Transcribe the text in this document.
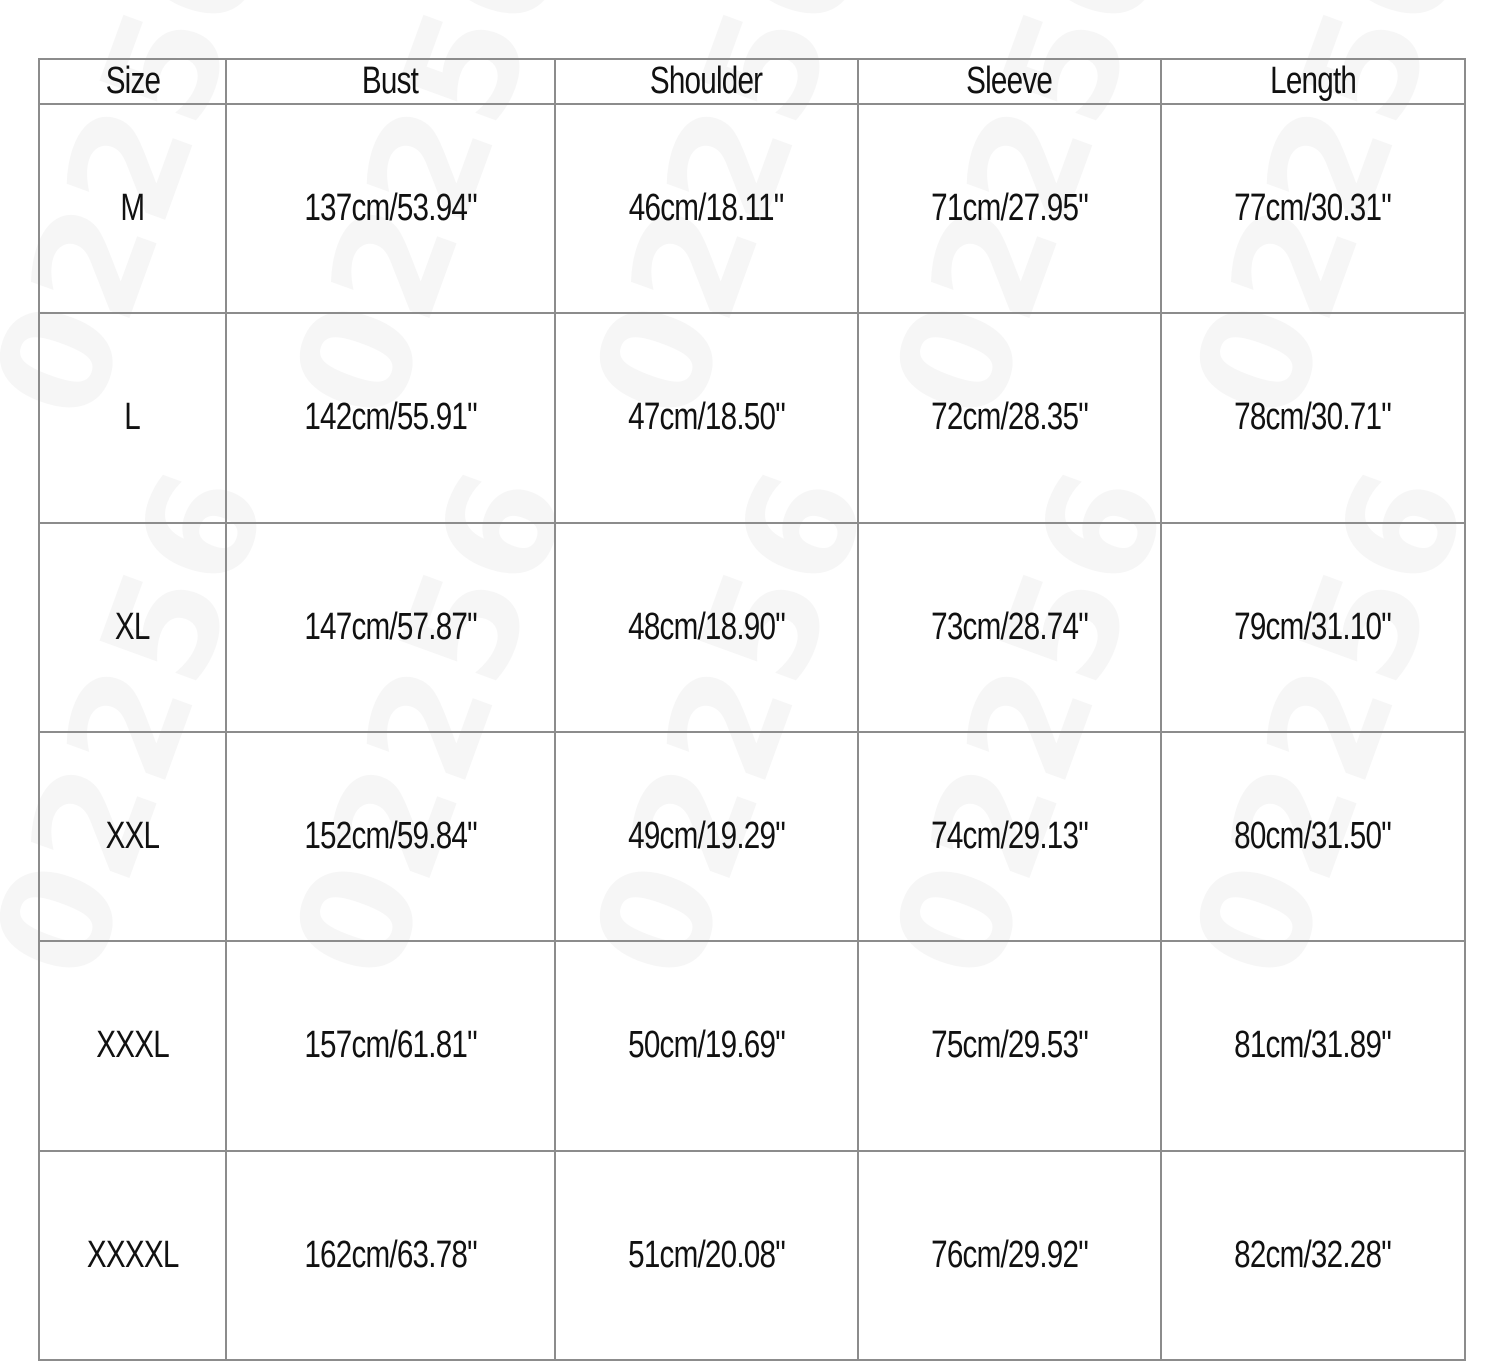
Size	Bust	Shoulder	Sleeve	Length
M	137cm/53.94"	46cm/18.11"	71cm/27.95"	77cm/30.31"
L	142cm/55.91"	47cm/18.50"	72cm/28.35"	78cm/30.71"
XL	147cm/57.87"	48cm/18.90"	73cm/28.74"	79cm/31.10"
XXL	152cm/59.84"	49cm/19.29"	74cm/29.13"	80cm/31.50"
XXXL	157cm/61.81"	50cm/19.69"	75cm/29.53"	81cm/31.89"
XXXXL	162cm/63.78"	51cm/20.08"	76cm/29.92"	82cm/32.28"
